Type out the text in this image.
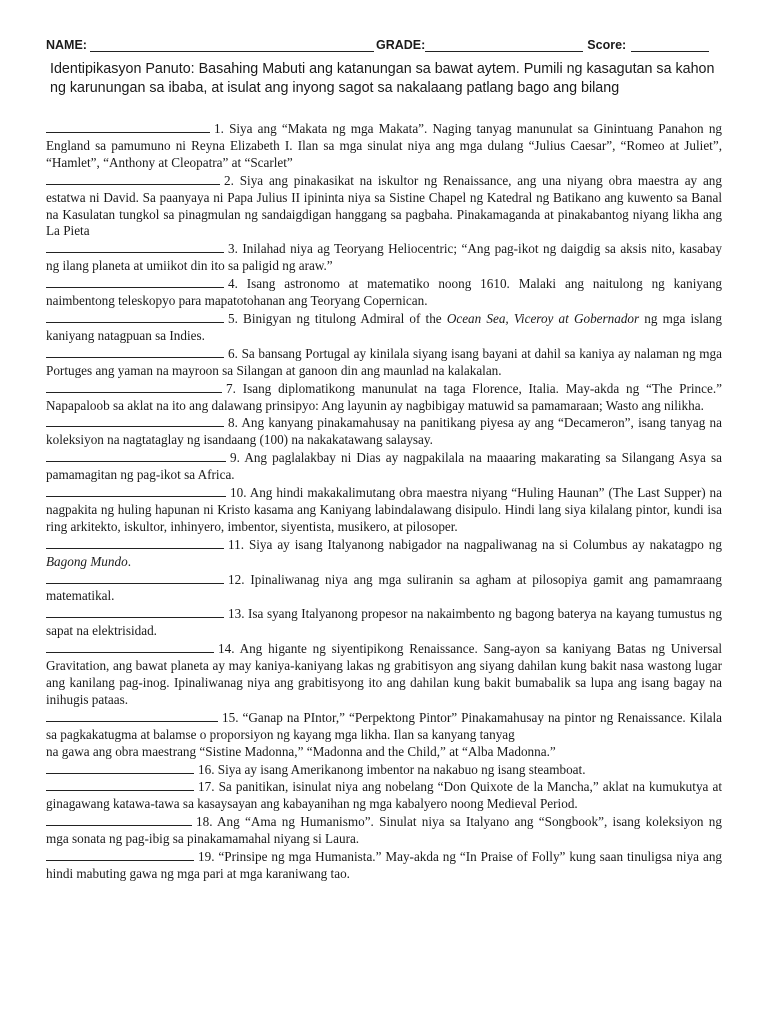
NAME:	GRADE:	Score:
Identipikasyon Panuto: Basahing Mabuti ang katanungan sa bawat aytem. Pumili ng kasagutan sa kahon ng karunungan sa ibaba, at isulat ang inyong sagot sa nakalaang patlang bago ang bilang

1. Siya ang “Makata ng mga Makata”. Naging tanyag manunulat sa Ginintuang Panahon ng England sa pamumuno ni Reyna Elizabeth I. Ilan sa mga sinulat niya ang mga dulang “Julius Caesar”, “Romeo at Juliet”, “Hamlet”, “Anthony at Cleopatra” at “Scarlet”

2. Siya ang pinakasikat na iskultor ng Renaissance, ang una niyang obra maestra ay ang estatwa ni David. Sa paanyaya ni Papa Julius II ipininta niya sa Sistine Chapel ng Katedral ng Batikano ang kuwento sa Banal na Kasulatan tungkol sa pinagmulan ng sandaigdigan hanggang sa pagbaha. Pinakamaganda at pinakabantog niyang likha ang La Pieta

3. Inilahad niya ag Teoryang Heliocentric; “Ang pag-ikot ng daigdig sa aksis nito, kasabay ng ilang planeta at umiikot din ito sa paligid ng araw.”

4. Isang astronomo at matematiko noong 1610. Malaki ang naitulong ng kaniyang naimbentong teleskopyo para mapatotohanan ang Teoryang Copernican.

5. Binigyan ng titulong Admiral of the Ocean Sea, Viceroy at Gobernador ng mga islang kaniyang natagpuan sa Indies.

6. Sa bansang Portugal ay kinilala siyang isang bayani at dahil sa kaniya ay nalaman ng mga Portuges ang yaman na mayroon sa Silangan at ganoon din ang maunlad na kalakalan.

7. Isang diplomatikong manunulat na taga Florence, Italia. May-akda ng “The Prince.” Napapaloob sa aklat na ito ang dalawang prinsipyo: Ang layunin ay nagbibigay matuwid sa pamamaraan; Wasto ang nilikha.

8. Ang kanyang pinakamahusay na panitikang piyesa ay ang “Decameron”, isang tanyag na koleksiyon na nagtataglay ng isandaang (100) na nakakatawang salaysay.

9. Ang paglalakbay ni Dias ay nagpakilala na maaaring makarating sa Silangang Asya sa pamamagitan ng pag-ikot sa Africa.

10. Ang hindi makakalimutang obra maestra niyang “Huling Haunan” (The Last Supper) na nagpakita ng huling hapunan ni Kristo kasama ang Kaniyang labindalawang disipulo. Hindi lang siya kilalang pintor, kundi isa ring arkitekto, iskultor, inhinyero, imbentor, siyentista, musikero, at pilosoper.

11. Siya ay isang Italyanong nabigador na nagpaliwanag na si Columbus ay nakatagpo ng Bagong Mundo.

12. Ipinaliwanag niya ang mga suliranin sa agham at pilosopiya gamit ang pamamraang matematikal.

13. Isa syang Italyanong propesor na nakaimbento ng bagong baterya na kayang tumustus ng sapat na elektrisidad.

14. Ang higante ng siyentipikong Renaissance. Sang-ayon sa kaniyang Batas ng Universal Gravitation, ang bawat planeta ay may kaniya-kaniyang lakas ng grabitisyon ang siyang dahilan kung bakit nasa wastong lugar ang kanilang pag-inog. Ipinaliwanag niya ang grabitisyong ito ang dahilan kung bakit bumabalik sa lupa ang isang bagay na inihugis pataas.

15. “Ganap na PIntor,” “Perpektong Pintor” Pinakamahusay na pintor ng Renaissance. Kilala sa pagkakatugma at balamse o proporsiyon ng kayang mga likha. Ilan sa kanyang tanyag

na gawa ang obra maestrang “Sistine Madonna,” “Madonna and the Child,” at “Alba Madonna.”

16. Siya ay isang Amerikanong imbentor na nakabuo ng isang steamboat.

17. Sa panitikan, isinulat niya ang nobelang “Don Quixote de la Mancha,” aklat na kumukutya at ginagawang katawa-tawa sa kasaysayan ang kabayanihan ng mga kabalyero noong Medieval Period.

18. Ang “Ama ng Humanismo”. Sinulat niya sa Italyano ang “Songbook”, isang koleksiyon ng mga sonata ng pag-ibig sa pinakamamahal niyang si Laura.

19. “Prinsipe ng mga Humanista.” May-akda ng “In Praise of Folly” kung saan tinuligsa niya ang hindi mabuting gawa ng mga pari at mga karaniwang tao.
